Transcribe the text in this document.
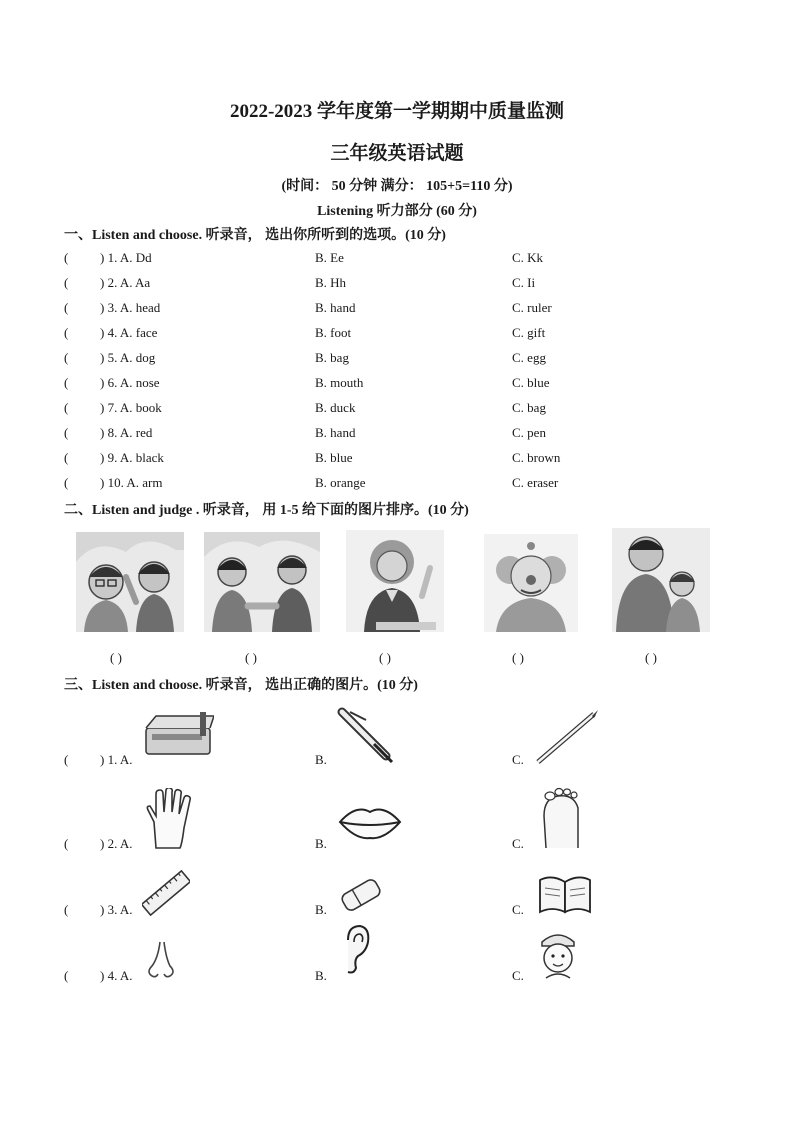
2022-2023 学年度第一学期期中质量监测
三年级英语试题
(时间： 50 分钟 满分： 105+5=110 分)
Listening 听力部分 (60 分)
一、Listen and choose. 听录音， 选出你所听到的选项。(10 分)
( ) 1. A. Dd	B. Ee	C. Kk
( ) 2. A. Aa	B. Hh	C. Ii
( ) 3. A. head	B. hand	C. ruler
( ) 4. A. face	B. foot	C. gift
( ) 5. A. dog	B. bag	C. egg
( ) 6. A. nose	B. mouth	C. blue
( ) 7. A. book	B. duck	C. bag
( ) 8. A. red	B. hand	C. pen
( ) 9. A. black	B. blue	C. brown
( ) 10. A. arm	B. orange	C. eraser
二、Listen and judge . 听录音， 用 1-5 给下面的图片排序。(10 分)
( )	( )	( )	( )	( )
三、Listen and choose. 听录音， 选出正确的图片。(10 分)
( ) 1. A.	B.	C.
( ) 2. A.	B.	C.
( ) 3. A.	B.	C.
( ) 4. A.	B.	C.
